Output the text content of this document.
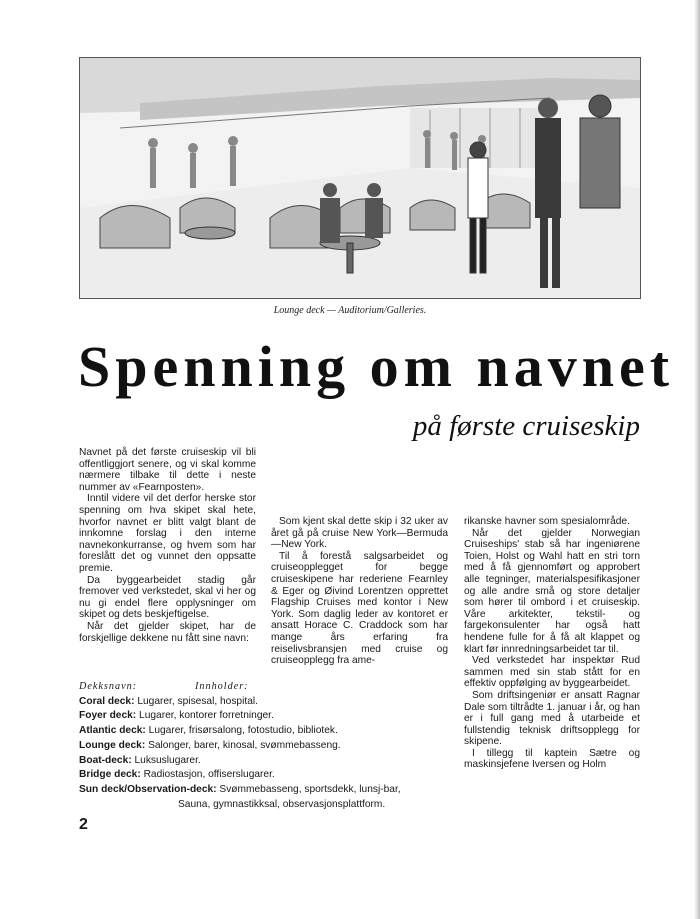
Lounge deck — Auditorium/Galleries.
Spenning om navnet
på første cruiseskip

Navnet på det første cruiseskip vil bli offentliggjort senere, og vi skal komme nærmere tilbake til dette i neste nummer av «Fearnposten».

Inntil videre vil det derfor herske stor spenning om hva skipet skal hete, hvorfor navnet er blitt valgt blant de innkomne forslag i den interne navnekonkurranse, og hvem som har foreslått det og vunnet den oppsatte premie.

Da byggearbeidet stadig går fremover ved verkstedet, skal vi her og nu gi endel flere opplysninger om skipet og dets beskjeftigelse.

Når det gjelder skipet, har de forskjellige dekkene nu fått sine navn:

Som kjent skal dette skip i 32 uker av året gå på cruise New York—Bermuda—New York.

Til å forestå salgsarbeidet og cruiseopplegget for begge cruiseskipene har rederiene Fearnley & Eger og Øivind Lorentzen opprettet Flagship Cruises med kontor i New York. Som daglig leder av kontoret er ansatt Horace C. Craddock som har mange års erfaring fra reiselivsbransjen med cruise og cruiseopplegg fra ame-

rikanske havner som spesialområde.

Når det gjelder Norwegian Cruiseships' stab så har ingeniørene Toien, Holst og Wahl hatt en stri torn med å få gjennomført og approbert alle tegninger, materialspesifikasjoner og alle andre små og store detaljer som hører til ombord i et cruiseskip. Våre arkitekter, tekstil- og fargekonsulenter har også hatt hendene fulle for å få alt klappet og klart før innredningsarbeidet tar til.

Ved verkstedet har inspektør Rud sammen med sin stab stått for en effektiv oppfølging av byggearbeidet.

Som driftsingeniør er ansatt Ragnar Dale som tiltrådte 1. januar i år, og han er i full gang med å utarbeide et fullstendig teknisk driftsopplegg for skipene.

I tillegg til kaptein Sætre og maskinsjefene Iversen og Holm

Dekksnavn:	Innholder:
Coral deck: Lugarer, spisesal, hospital.
Foyer deck: Lugarer, kontorer forretninger.
Atlantic deck: Lugarer, frisørsalong, fotostudio, bibliotek.
Lounge deck: Salonger, barer, kinosal, svømmebasseng.
Boat-deck: Luksuslugarer.
Bridge deck: Radiostasjon, offiserslugarer.
Sun deck/Observation-deck: Svømmebasseng, sportsdekk, lunsj-bar,
Sauna, gymnastikksal, observasjonsplattform.
2
